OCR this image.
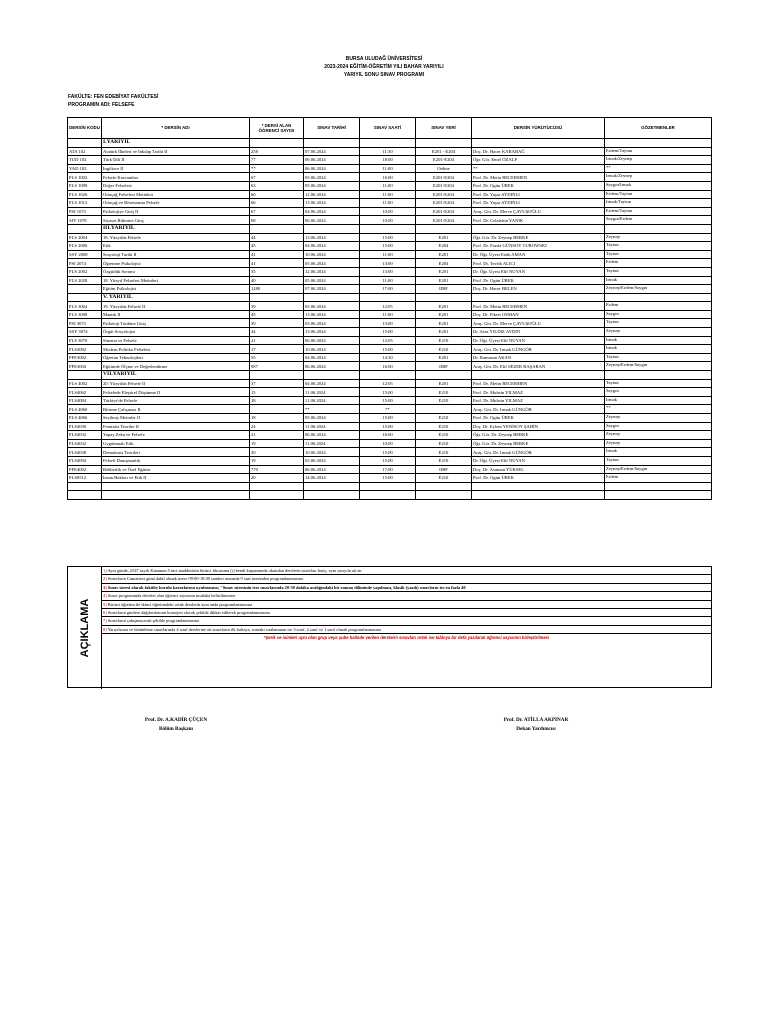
BURSA ULUDAĞ ÜNİVERSİTESİ
2023-2024 EĞİTİM-ÖĞRETİM YILI BAHAR YARIYILI
YARIYIL SONU SINAV PROGRAMI
FAKÜLTE: FEN EDEBİYAT FAKÜLTESİ
DERSİN KODU	* DERSİN ADI	* DERSİ ALAN ÖĞRENCİ SAYISI	SINAV TARİHİ	SINAV SAATİ	SINAV YERİ	DERSİN YÜRÜTÜCÜSÜ	GÖZETMENLER
	I.YARIYIL						
ATA 102	Atatürk İlkeleri ve İnkılap Tarihi II	258	07.06.2024	11:30	E201 - E204	Doç. Dr. Hacer KARABAĞ	Erdem/Taytun
TUD 102	Türk Dili II	77	06.06.2024	18:00	E201-E204	Öğr. Gör. Emel ÖZALP	Irmak/Zeynep
YAD 102	İngilizce II	**	06.06.2024	11:00	Online	**	**
FLS 1002	Felsefe Kavramları	67	03.06.2024	16:00	E201-E204	Prof. Dr. Metin BECERMEN	Irmak/Zeynep
FLS 1008	Değer Felsefesi	63	05.06.2024	11:00	E201-E204	Prof. Dr. Ogün ÜREK	Saygın/Irmak
FLS 1026	Ortaçağ Felsefesi Metinleri	60	12.06.2024	11:00	E201-E204	Prof. Dr. Yaşar AYDINLI	Erdem/Taytun
FLS 1012	Ortaçağ ve Rönesansta Felsefe	66	13.06.2024	11:00	E201-E204	Prof. Dr. Yaşar AYDINLI	Irmak/Taytun
PSI 1072	Psikolojiye Giriş II	67	04.06.2024	10:00	E201-E204	Araş. Gör. Dr. Merve ÇAVUŞOĞLU	Erdem/Taytun
SIY 1078	Siyaset Bilimine Giriş	68	06.06.2024	10:00	E201-E204	Prof. Dr. Celalettin YANIK	Saygın/Erdem
	III.YARIYIL						
FLS 2004	18. Yüzyılda Felsefe	44	13.06.2024	15:00	E201	Öğr. Gör. Dr. Zeynep BERKE	Zeynep
FLS 2006	Etik	45	04.06.2024	15:00	E204	Prof. Dr. Fazıla GÜNSOY TUROWSKI	Taytun
SSY 2008	Sosyoloji Tarihi II	41	10.06.2024	11:00	E201	Dr. Öğr. Üyesi Fatih AMAN	Taytun
PSI 2074	Öğrenme Psikolojisi	41	05.06.2024	13:00	E204	Prof. Dr. Tevfik ALICI	Erdem
FLS 2002	Özgürlük Sorunu	35	12.06.2024	13:00	E201	Dr. Öğr. Üyesi Elif NUYAN	Taytun
FLS 2028	18. Yüzyıl Felsefesi Metinleri	40	05.06.2024	11:00	E201	Prof. Dr. Ogün ÜREK	Irmak
	Eğitim Psikolojisi	1280	07.06.2024	17:00	IIBF	Doç. Dr. Hacer BELEN	Zeynep/Erdem/Saygın
	V. YARIYIL						
FLS 3004	19. Yüzyılda Felsefe II	39	05.06.2024	12:05	E201	Prof. Dr. Metin BECERMEN	Erdem
FLS 3008	Mantık II	45	13.06.2024	11:00	E201	Doç. Dr. Fikret OSMAN	Saygın
PSI 3072	Psikoloji Tarihine Giriş	39	03.06.2024	13:00	E201	Araş. Gör. Dr. Merve ÇAVUŞOĞLU	Taytun
SSY 3074	Örgüt Sosyolojisi	44	13.06.2024	15:00	E201	Dr. Araz YILDIZ AYDIN	Zeynep
FLS 3070	Sinema ve Felsefe	21	06.06.2024	12:05	E210	Dr. Öğr. Üyesi Elif NUYAN	Irmak
FLS3092	Modern Politika Felsefesi	17	10.06.2024	15:00	E210	Araş. Gör. Dr. Irmak GÜNGÖR	Irmak
PFE3002	Öğretim Teknolojileri	55	04.06.2024	14:30	E201	Dr. Ramazan AKAN	Taytun
PFE3004	Eğitimde Ölçme ve Değerlendirme	987	06.06.2024	16:00	IIBF	Araş. Gör. Dr. Elif SEZER BAŞARAN	Zeynep/Erdem/Saygın
	VII.YARIYIL						
FLS 4002	20. Yüzyılda Felsefe II	37	04.06.2024	12:05	E201	Prof. Dr. Metin BECERMEN	Taytun
FLS4062	Felsefede Eleştirel Düşünme II	15	11.06.2024	15:00	E210	Prof. Dr. Muhsin YILMAZ	Saygın
FLS4084	Türkiye'de Felsefe	18	11.06.2024	15:00	E210	Prof. Dr. Muhsin YILMAZ	Irmak
FLS 4060	Bitirme Çalışması II		**	**		Araş. Gör. Dr. Irmak GÜNGÖR	**
FLS 4066	Seçilmiş Metinler II	18	05.06.2024	15:00	E210	Prof. Dr. Ogün ÜREK	Zeynep
FLS4030	Feminist Teoriler II	24	11.06.2024	15:00	E210	Doç. Dr. Eylem YENİSOY ŞAHİN	Saygın
FLS4032	Yapay Zeka ve Felsefe	21	06.06.2024	16:00	E210	Öğr. Gör. Dr. Zeynep BERKE	Zeynep
FLS4032	Uygulamalı Etik	19	11.06.2024	10:00	E210	Öğr. Gör. Dr. Zeynep BERKE	Zeynep
FLS4038	Demokrasi Teorileri	20	10.06.2024	15:00	E210	Araş. Gör. Dr. Irmak GÜNGÖR	Irmak
FLS4094	Felsefi Danışmanlık	19	03.06.2024	15:00	E210	Dr. Öğr. Üyesi Elif NUYAN	Taytun
PFE4002	Rehberlik ve Özel Eğitim	770	06.06.2024	17:00	IIBF	Doç. Dr. Asuman YÜKSEL	Zeynep/Erdem/Saygın
FLS0512	İnsan Hakları ve Etik II	20	14.06.2024	15:00	E210	Prof. Dr. Ogün ÜREK	Erdem

AÇIKLAMA
1) Aynı günde, 2547 sayılı Kanunun 5 inci maddesinin birinci fıkrasının (ı) bendi kapsamında okutulan derslerin sınavları hariç, aynı yarıyıla ait en
2) Sınavların Cumartesi günü dahil olmak üzere 09:00-18:00 saatleri arasında 9 saat üzerinden programlanmasına
3) Sınav süresi olarak fakülte kurulu kararlarına uyulmasına; "Sınav süresinin test sınavlarında 20-30 dakika aralığındaki bir zaman diliminde yapılması, klasik (yazılı) sınavların ise en fazla 40
4) Sınav programında dersleri alan öğrenci sayısının mutlaka belirtilmesine
5) Birinci öğretim ile ikinci öğretimdeki ortak derslerin aynı anda programlanmasına
6) Sınavların günlere dağılımlarının homojen olacak şekilde dikkat edilerek programlanmasına
7) Sınavların çakışmayacak şekilde programlanmasına
8) Yarıyılsonu ve bütünleme sınavlarında 4 sınıf derslerine ait sınavların ilk haftaya, sonraki sıralamanın ise 3.sınıf, 2.sınıf ve 1.sınıf olarak programlanmasına
*Şerik ve isimleri aynı olan grup veya şube halinde verilen derslerin sınavları ortak ise tabloya bir defa yazılarak öğrenci sayısının birleştirilmesi
Prof. Dr. A.KADİR ÇÜÇEN
Bölüm Başkanı
Prof. Dr. ATİLLA AKPINAR
Dekan Yardımcısı
PROGRAMIN ADI: FELSEFE
